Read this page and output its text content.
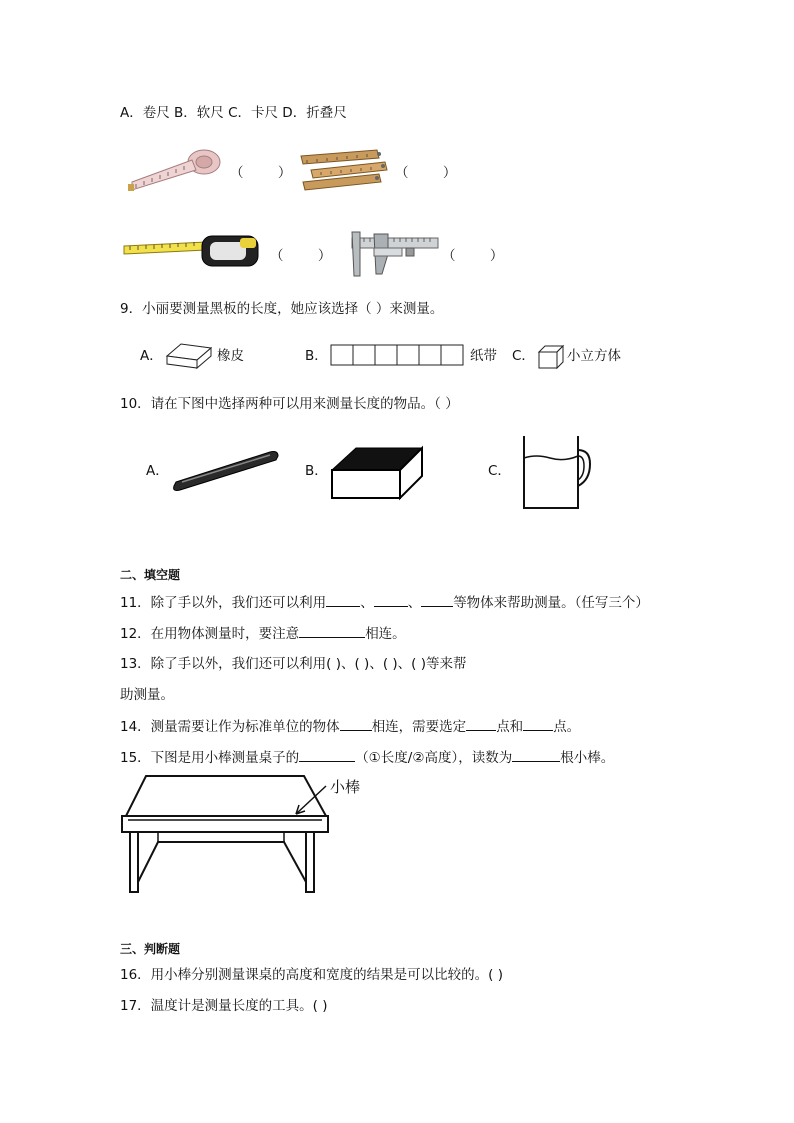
A．卷尺 B．软尺 C．卡尺 D．折叠尺
（        ）	（        ）
（        ）	（        ）
9．小丽要测量黑板的长度，她应该选择（ ）来测量。
A．	橡皮	B．	纸带 C． 小立方体
10．请在下图中选择两种可以用来测量长度的物品。（ ）
A．	B．	C．
二、填空题
11．除了手以外，我们还可以利用	、	、 等物体来帮助测量。（任写三个）
12．在用物体测量时，要注意	相连。
13．除了手以外，我们还可以利用( )、( )、( )、( )等来帮
助测量。
14．测量需要让作为标准单位的物体 相连，需要选定 点和 点。
15．下图是用小棒测量桌子的	（①长度/②高度），读数为	根小棒。
小棒
三、判断题
16．用小棒分别测量课桌的高度和宽度的结果是可以比较的。( )
17．温度计是测量长度的工具。( )
